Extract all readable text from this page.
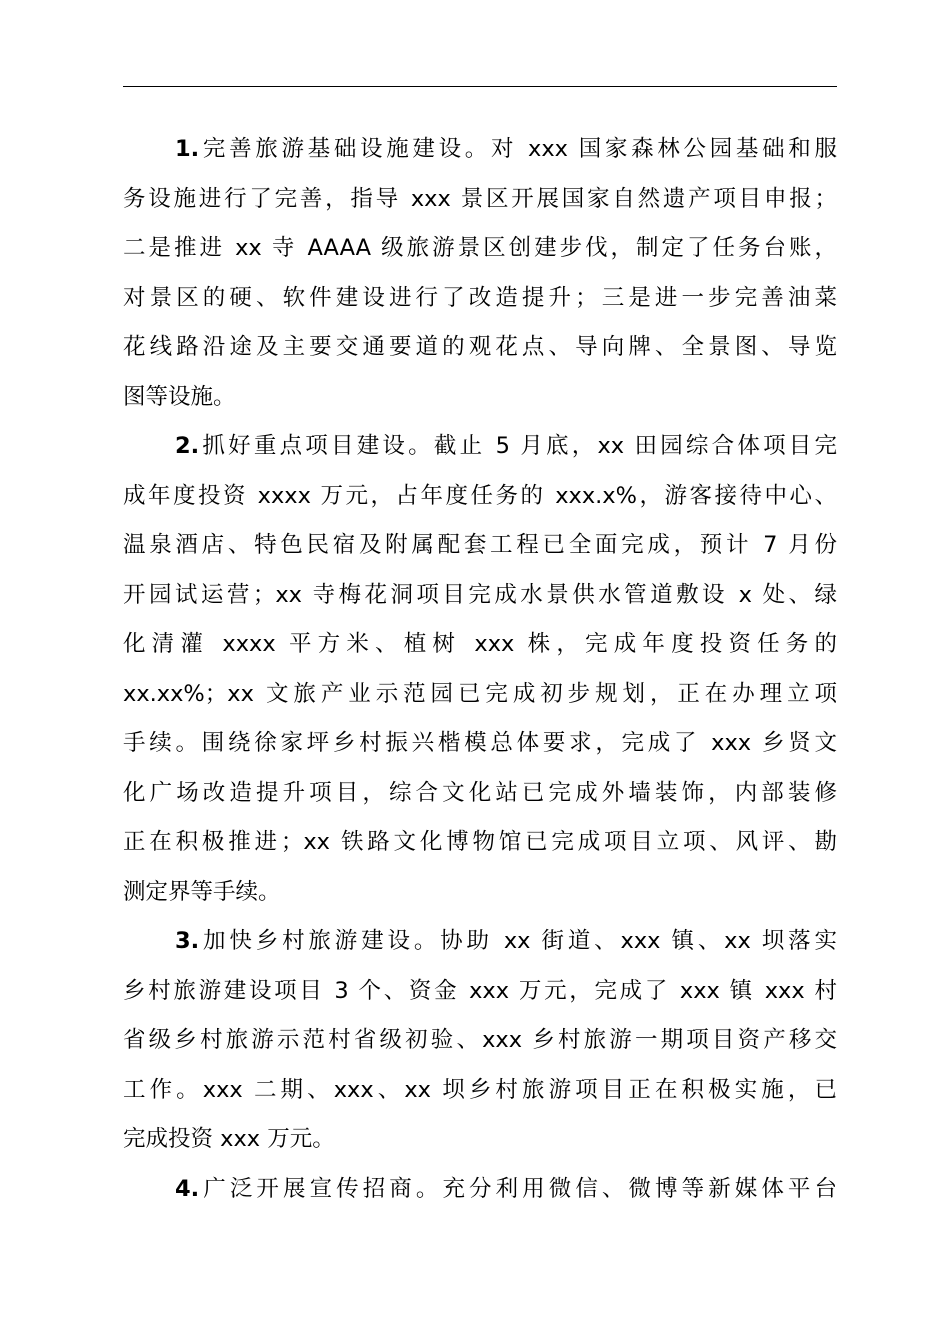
1.完善旅游基础设施建设。对 xxx 国家森林公园基础和服
务设施进行了完善，指导 xxx 景区开展国家自然遗产项目申报；
二是推进 xx 寺 AAAA 级旅游景区创建步伐，制定了任务台账，
对景区的硬、软件建设进行了改造提升；三是进一步完善油菜
花线路沿途及主要交通要道的观花点、导向牌、全景图、导览
图等设施。
2.抓好重点项目建设。截止 5 月底，xx 田园综合体项目完
成年度投资 xxxx 万元，占年度任务的 xxx.x%，游客接待中心、
温泉酒店、特色民宿及附属配套工程已全面完成，预计 7 月份
开园试运营；xx 寺梅花洞项目完成水景供水管道敷设 x 处、绿
化清灌 xxxx 平方米、植树 xxx 株，完成年度投资任务的
xx.xx%；xx 文旅产业示范园已完成初步规划，正在办理立项
手续。围绕徐家坪乡村振兴楷模总体要求，完成了 xxx 乡贤文
化广场改造提升项目，综合文化站已完成外墙装饰，内部装修
正在积极推进；xx 铁路文化博物馆已完成项目立项、风评、勘
测定界等手续。
3.加快乡村旅游建设。协助 xx 街道、xxx 镇、xx 坝落实
乡村旅游建设项目 3 个、资金 xxx 万元，完成了 xxx 镇 xxx 村
省级乡村旅游示范村省级初验、xxx 乡村旅游一期项目资产移交
工作。xxx 二期、xxx、xx 坝乡村旅游项目正在积极实施，已
完成投资 xxx 万元。
4.广泛开展宣传招商。充分利用微信、微博等新媒体平台
